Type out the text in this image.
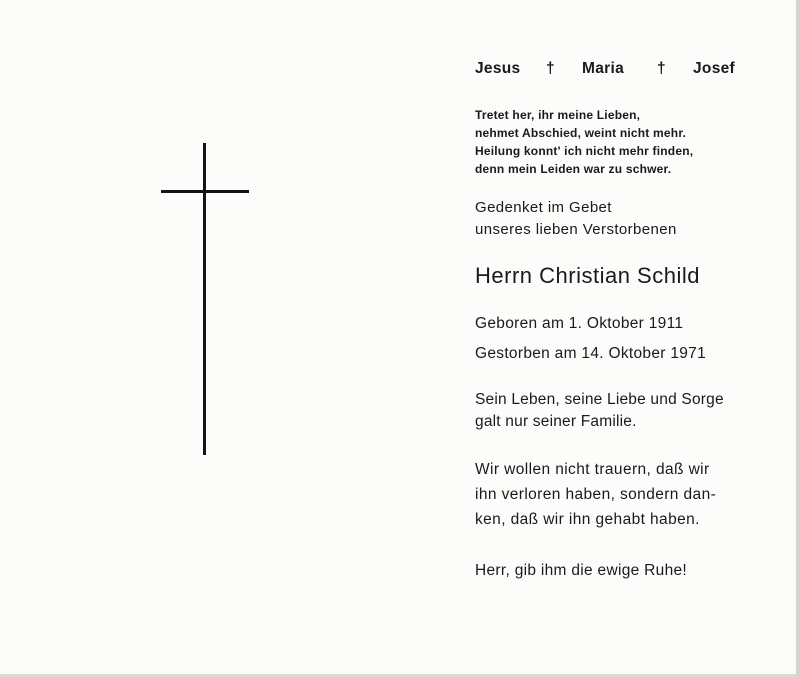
Jesus † Maria † Josef
Tretet her, ihr meine Lieben,
nehmet Abschied, weint nicht mehr.
Heilung konnt' ich nicht mehr finden,
denn mein Leiden war zu schwer.
Gedenket im Gebet
unseres lieben Verstorbenen
Herrn Christian Schild
Geboren am 1. Oktober 1911
Gestorben am 14. Oktober 1971
Sein Leben, seine Liebe und Sorge
galt nur seiner Familie.
Wir wollen nicht trauern, daß wir
ihn verloren haben, sondern dan-
ken, daß wir ihn gehabt haben.
Herr, gib ihm die ewige Ruhe!
